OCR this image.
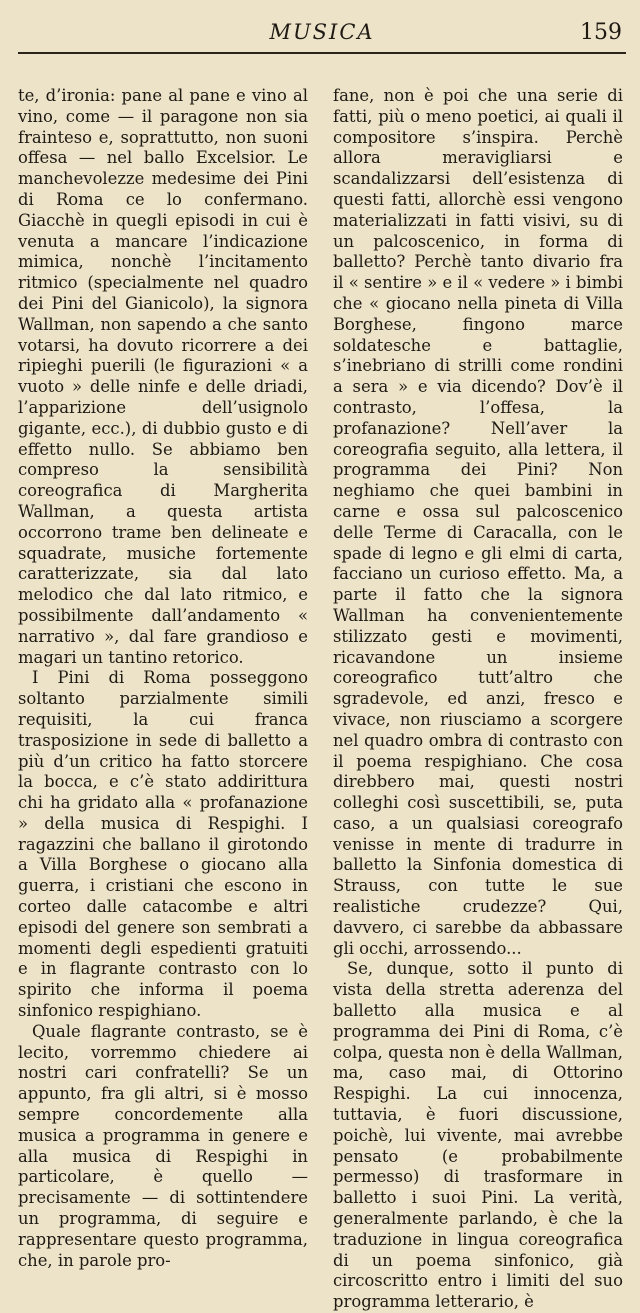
MUSICA	159

te, d’ironia: pane al pane e vino al vino, come — il paragone non sia frainteso e, soprattutto, non suoni offesa — nel ballo Excelsior. Le manchevolezze medesime dei Pini di Roma ce lo confermano. Giacchè in quegli episodi in cui è venuta a mancare l’indicazione mimica, nonchè l’incitamento ritmico (specialmente nel quadro dei Pini del Gianicolo), la signora Wallman, non sapendo a che santo votarsi, ha dovuto ricorrere a dei ripieghi puerili (le figurazioni « a vuoto » delle ninfe e delle driadi, l’apparizione dell’usignolo gigante, ecc.), di dubbio gusto e di effetto nullo. Se abbiamo ben compreso la sensibilità coreografica di Margherita Wallman, a questa artista occorrono trame ben delineate e squadrate, musiche fortemente caratterizzate, sia dal lato melodico che dal lato ritmico, e possibilmente dall’andamento « narrativo », dal fare grandioso e magari un tantino retorico.

I Pini di Roma posseggono soltanto parzialmente simili requisiti, la cui franca trasposizione in sede di balletto a più d’un critico ha fatto storcere la bocca, e c’è stato addirittura chi ha gridato alla « profanazione » della musica di Respighi. I ragazzini che ballano il girotondo a Villa Borghese o giocano alla guerra, i cristiani che escono in corteo dalle catacombe e altri episodi del genere son sembrati a momenti degli espedienti gratuiti e in flagrante contrasto con lo spirito che informa il poema sinfonico respighiano.

Quale flagrante contrasto, se è lecito, vorremmo chiedere ai nostri cari confratelli? Se un appunto, fra gli altri, si è mosso sempre concordemente alla musica a programma in genere e alla musica di Respighi in particolare, è quello — precisamente — di sottintendere un programma, di seguire e rappresentare questo programma, che, in parole pro-

fane, non è poi che una serie di fatti, più o meno poetici, ai quali il compositore s’inspira. Perchè allora meravigliarsi e scandalizzarsi dell’esistenza di questi fatti, allorchè essi vengono materializzati in fatti visivi, su di un palcoscenico, in forma di balletto? Perchè tanto divario fra il « sentire » e il « vedere » i bimbi che « giocano nella pineta di Villa Borghese, fingono marce soldatesche e battaglie, s’inebriano di strilli come rondini a sera » e via dicendo? Dov’è il contrasto, l’offesa, la profanazione? Nell’aver la coreografia seguito, alla lettera, il programma dei Pini? Non neghiamo che quei bambini in carne e ossa sul palcoscenico delle Terme di Caracalla, con le spade di legno e gli elmi di carta, facciano un curioso effetto. Ma, a parte il fatto che la signora Wallman ha convenientemente stilizzato gesti e movimenti, ricavandone un insieme coreografico tutt’altro che sgradevole, ed anzi, fresco e vivace, non riusciamo a scorgere nel quadro ombra di contrasto con il poema respighiano. Che cosa direbbero mai, questi nostri colleghi così suscettibili, se, puta caso, a un qualsiasi coreografo venisse in mente di tradurre in balletto la Sinfonia domestica di Strauss, con tutte le sue realistiche crudezze? Qui, davvero, ci sarebbe da abbassare gli occhi, arrossendo...

Se, dunque, sotto il punto di vista della stretta aderenza del balletto alla musica e al programma dei Pini di Roma, c’è colpa, questa non è della Wallman, ma, caso mai, di Ottorino Respighi. La cui innocenza, tuttavia, è fuori discussione, poichè, lui vivente, mai avrebbe pensato (e probabilmente permesso) di trasformare in balletto i suoi Pini. La verità, generalmente parlando, è che la traduzione in lingua coreografica di un poema sinfonico, già circoscritto entro i limiti del suo programma letterario, è
